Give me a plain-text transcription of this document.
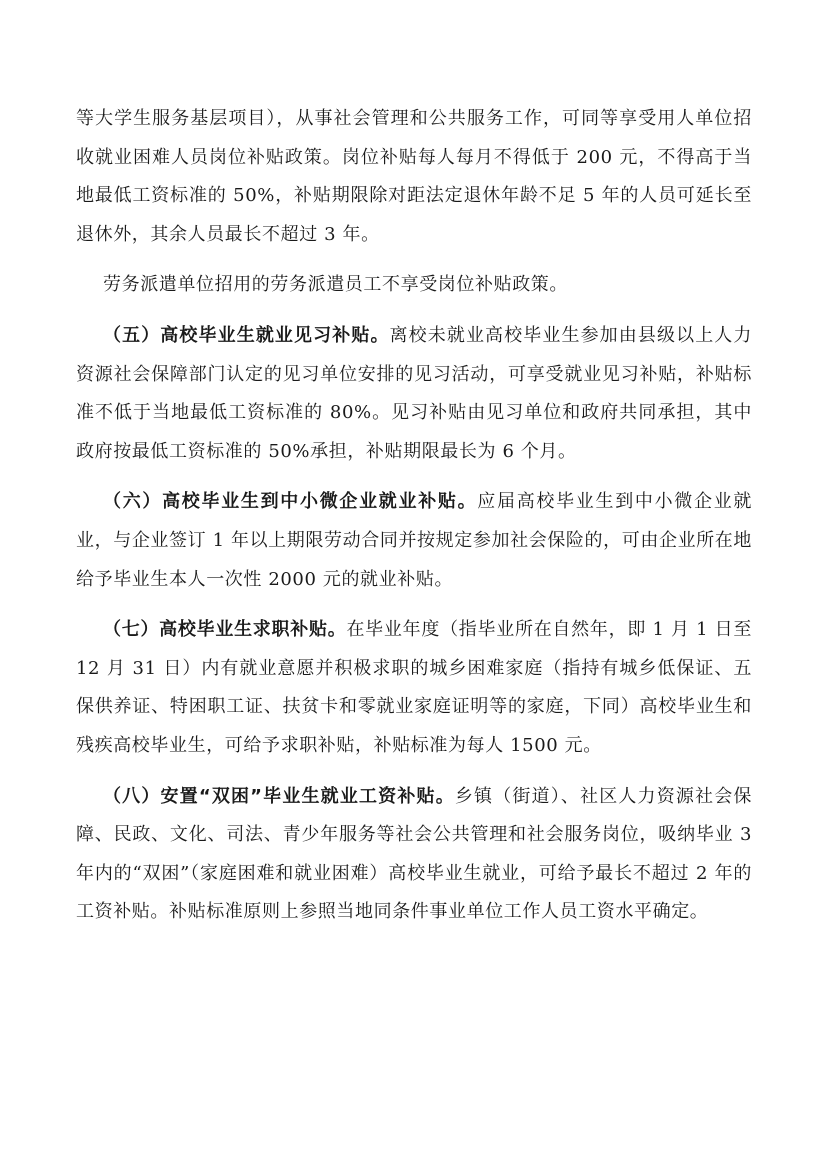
等大学生服务基层项目），从事社会管理和公共服务工作，可同等享受用人单位招收就业困难人员岗位补贴政策。岗位补贴每人每月不得低于 200 元，不得高于当地最低工资标准的 50%，补贴期限除对距法定退休年龄不足 5 年的人员可延长至退休外，其余人员最长不超过 3 年。

劳务派遣单位招用的劳务派遣员工不享受岗位补贴政策。

（五）高校毕业生就业见习补贴。离校未就业高校毕业生参加由县级以上人力资源社会保障部门认定的见习单位安排的见习活动，可享受就业见习补贴，补贴标准不低于当地最低工资标准的 80%。见习补贴由见习单位和政府共同承担，其中政府按最低工资标准的 50%承担，补贴期限最长为 6 个月。

（六）高校毕业生到中小微企业就业补贴。应届高校毕业生到中小微企业就业，与企业签订 1 年以上期限劳动合同并按规定参加社会保险的，可由企业所在地给予毕业生本人一次性 2000 元的就业补贴。

（七）高校毕业生求职补贴。在毕业年度（指毕业所在自然年，即 1 月 1 日至 12 月 31 日）内有就业意愿并积极求职的城乡困难家庭（指持有城乡低保证、五保供养证、特困职工证、扶贫卡和零就业家庭证明等的家庭，下同）高校毕业生和残疾高校毕业生，可给予求职补贴，补贴标准为每人 1500 元。

（八）安置“双困”毕业生就业工资补贴。乡镇（街道）、社区人力资源社会保障、民政、文化、司法、青少年服务等社会公共管理和社会服务岗位，吸纳毕业 3 年内的“双困”（家庭困难和就业困难）高校毕业生就业，可给予最长不超过 2 年的工资补贴。补贴标准原则上参照当地同条件事业单位工作人员工资水平确定。
